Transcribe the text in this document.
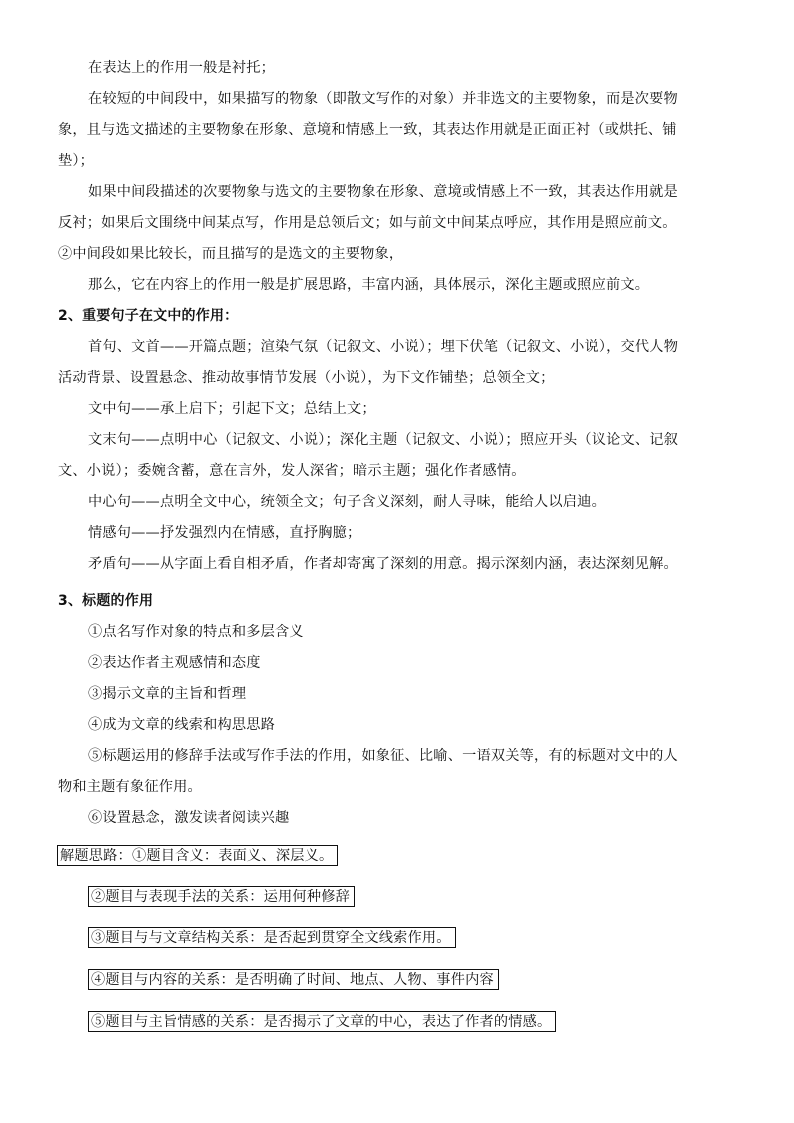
在表达上的作用一般是衬托；
在较短的中间段中，如果描写的物象（即散文写作的对象）并非选文的主要物象，而是次要物
象，且与选文描述的主要物象在形象、意境和情感上一致，其表达作用就是正面正衬（或烘托、铺
垫）；
如果中间段描述的次要物象与选文的主要物象在形象、意境或情感上不一致，其表达作用就是
反衬；如果后文围绕中间某点写，作用是总领后文；如与前文中间某点呼应，其作用是照应前文。
②中间段如果比较长，而且描写的是选文的主要物象，
那么，它在内容上的作用一般是扩展思路，丰富内涵，具体展示，深化主题或照应前文。
2、重要句子在文中的作用：
首句、文首——开篇点题；渲染气氛（记叙文、小说）；埋下伏笔（记叙文、小说），交代人物
活动背景、设置悬念、推动故事情节发展（小说），为下文作铺垫；总领全文；
文中句——承上启下；引起下文；总结上文；
文末句——点明中心（记叙文、小说）；深化主题（记叙文、小说）；照应开头（议论文、记叙
文、小说）；委婉含蓄，意在言外，发人深省；暗示主题；强化作者感情。
中心句——点明全文中心，统领全文；句子含义深刻，耐人寻味，能给人以启迪。
情感句——抒发强烈内在情感，直抒胸臆；
矛盾句——从字面上看自相矛盾，作者却寄寓了深刻的用意。揭示深刻内涵，表达深刻见解。
3、标题的作用
①点名写作对象的特点和多层含义
②表达作者主观感情和态度
③揭示文章的主旨和哲理
④成为文章的线索和构思思路
⑤标题运用的修辞手法或写作手法的作用，如象征、比喻、一语双关等，有的标题对文中的人
物和主题有象征作用。
⑥设置悬念，激发读者阅读兴趣
解题思路：①题目含义：表面义、深层义。
②题目与表现手法的关系：运用何种修辞
③题目与与文章结构关系：是否起到贯穿全文线索作用。
④题目与内容的关系：是否明确了时间、地点、人物、事件内容
⑤题目与主旨情感的关系：是否揭示了文章的中心，表达了作者的情感。
